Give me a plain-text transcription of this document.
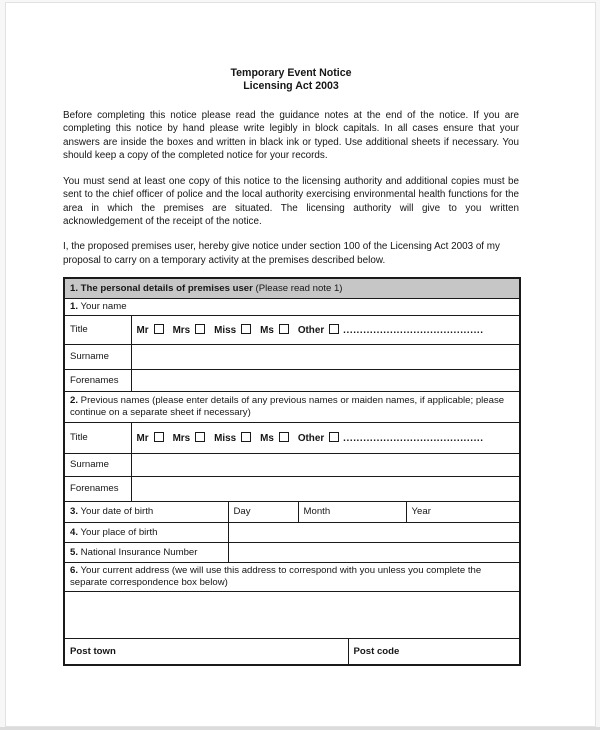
Temporary Event Notice
Licensing Act 2003

Before completing this notice please read the guidance notes at the end of the notice. If you are completing this notice by hand please write legibly in block capitals. In all cases ensure that your answers are inside the boxes and written in black ink or typed. Use additional sheets if necessary. You should keep a copy of the completed notice for your records.

You must send at least one copy of this notice to the licensing authority and additional copies must be sent to the chief officer of police and the local authority exercising environmental health functions for the area in which the premises are situated. The licensing authority will give to you written acknowledgement of the receipt of the notice.

I, the proposed premises user, hereby give notice under section 100 of the Licensing Act 2003 of my proposal to carry on a temporary activity at the premises described below.

1. The personal details of premises user (Please read note 1)					
1. Your name					
Title	Mr Mrs Miss Ms Other ..........................................				
Surname					
Forenames					
2. Previous names (please enter details of any previous names or maiden names, if applicable; please continue on a separate sheet if necessary)					
Title	Mr Mrs Miss Ms Other ..........................................				
Surname					
Forenames					
3. Your date of birth		Day	Month		Year
4. Your place of birth					
5. National Insurance Number					
6. Your current address (we will use this address to correspond with you unless you complete the separate correspondence box below)					

Post town				Post code	
